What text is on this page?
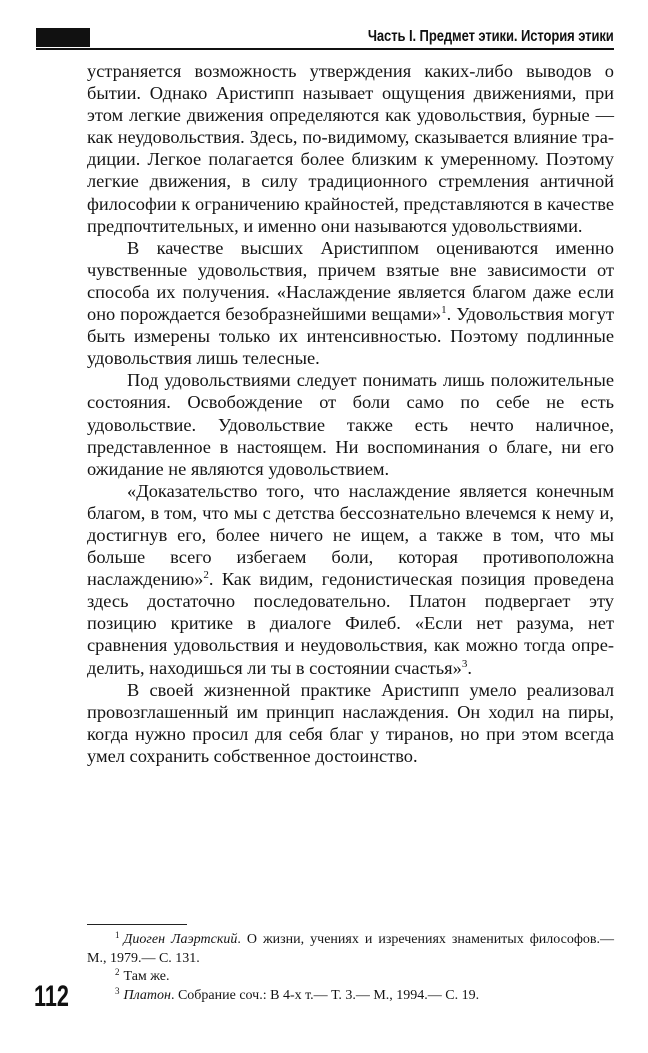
Часть I. Предмет этики. История этики

устраняется возможность утверждения каких-либо выводов о бытии. Однако Аристипп называет ощущения движениями, при этом легкие движения определяются как удовольствия, бурные — как неудовольствия. Здесь, по-видимому, сказывается влияние традиции. Легкое полагается более близким к умеренному. Поэтому легкие движения, в силу традиционного стремления античной философии к ограничению крайностей, представляются в качестве предпочтительных, и именно они называются удовольствиями.

В качестве высших Аристиппом оцениваются именно чувственные удовольствия, причем взятые вне зависимости от способа их получения. «Наслаждение является благом даже если оно порождается безобразнейшими вещами»$^1$. Удовольствия могут быть измерены только их интенсивностью. Поэтому подлинные удовольствия лишь телесные.

Под удовольствиями следует понимать лишь положительные состояния. Освобождение от боли само по себе не есть удовольствие. Удовольствие также есть нечто наличное, представленное в настоящем. Ни воспоминания о благе, ни его ожидание не являются удовольствием.

«Доказательство того, что наслаждение является конечным благом, в том, что мы с детства бессознательно влечемся к нему и, достигнув его, более ничего не ищем, а также в том, что мы больше всего избегаем боли, которая противоположна наслаждению»$^2$. Как видим, гедонистическая позиция проведена здесь достаточно последовательно. Платон подвергает эту позицию критике в диалоге Филеб. «Если нет разума, нет сравнения удовольствия и неудовольствия, как можно тогда определить, находишься ли ты в состоянии счастья»$^3$.

В своей жизненной практике Аристипп умело реализовал провозглашенный им принцип наслаждения. Он ходил на пиры, когда нужно просил для себя благ у тиранов, но при этом всегда умел сохранить собственное достоинство.

$^1$ Диоген Лаэртский. О жизни, учениях и изречениях знаменитых философов.— М., 1979.— С. 131.

$^2$ Там же.

$^3$ Платон. Собрание соч.: В 4-х т.— Т. 3.— М., 1994.— С. 19.

112
